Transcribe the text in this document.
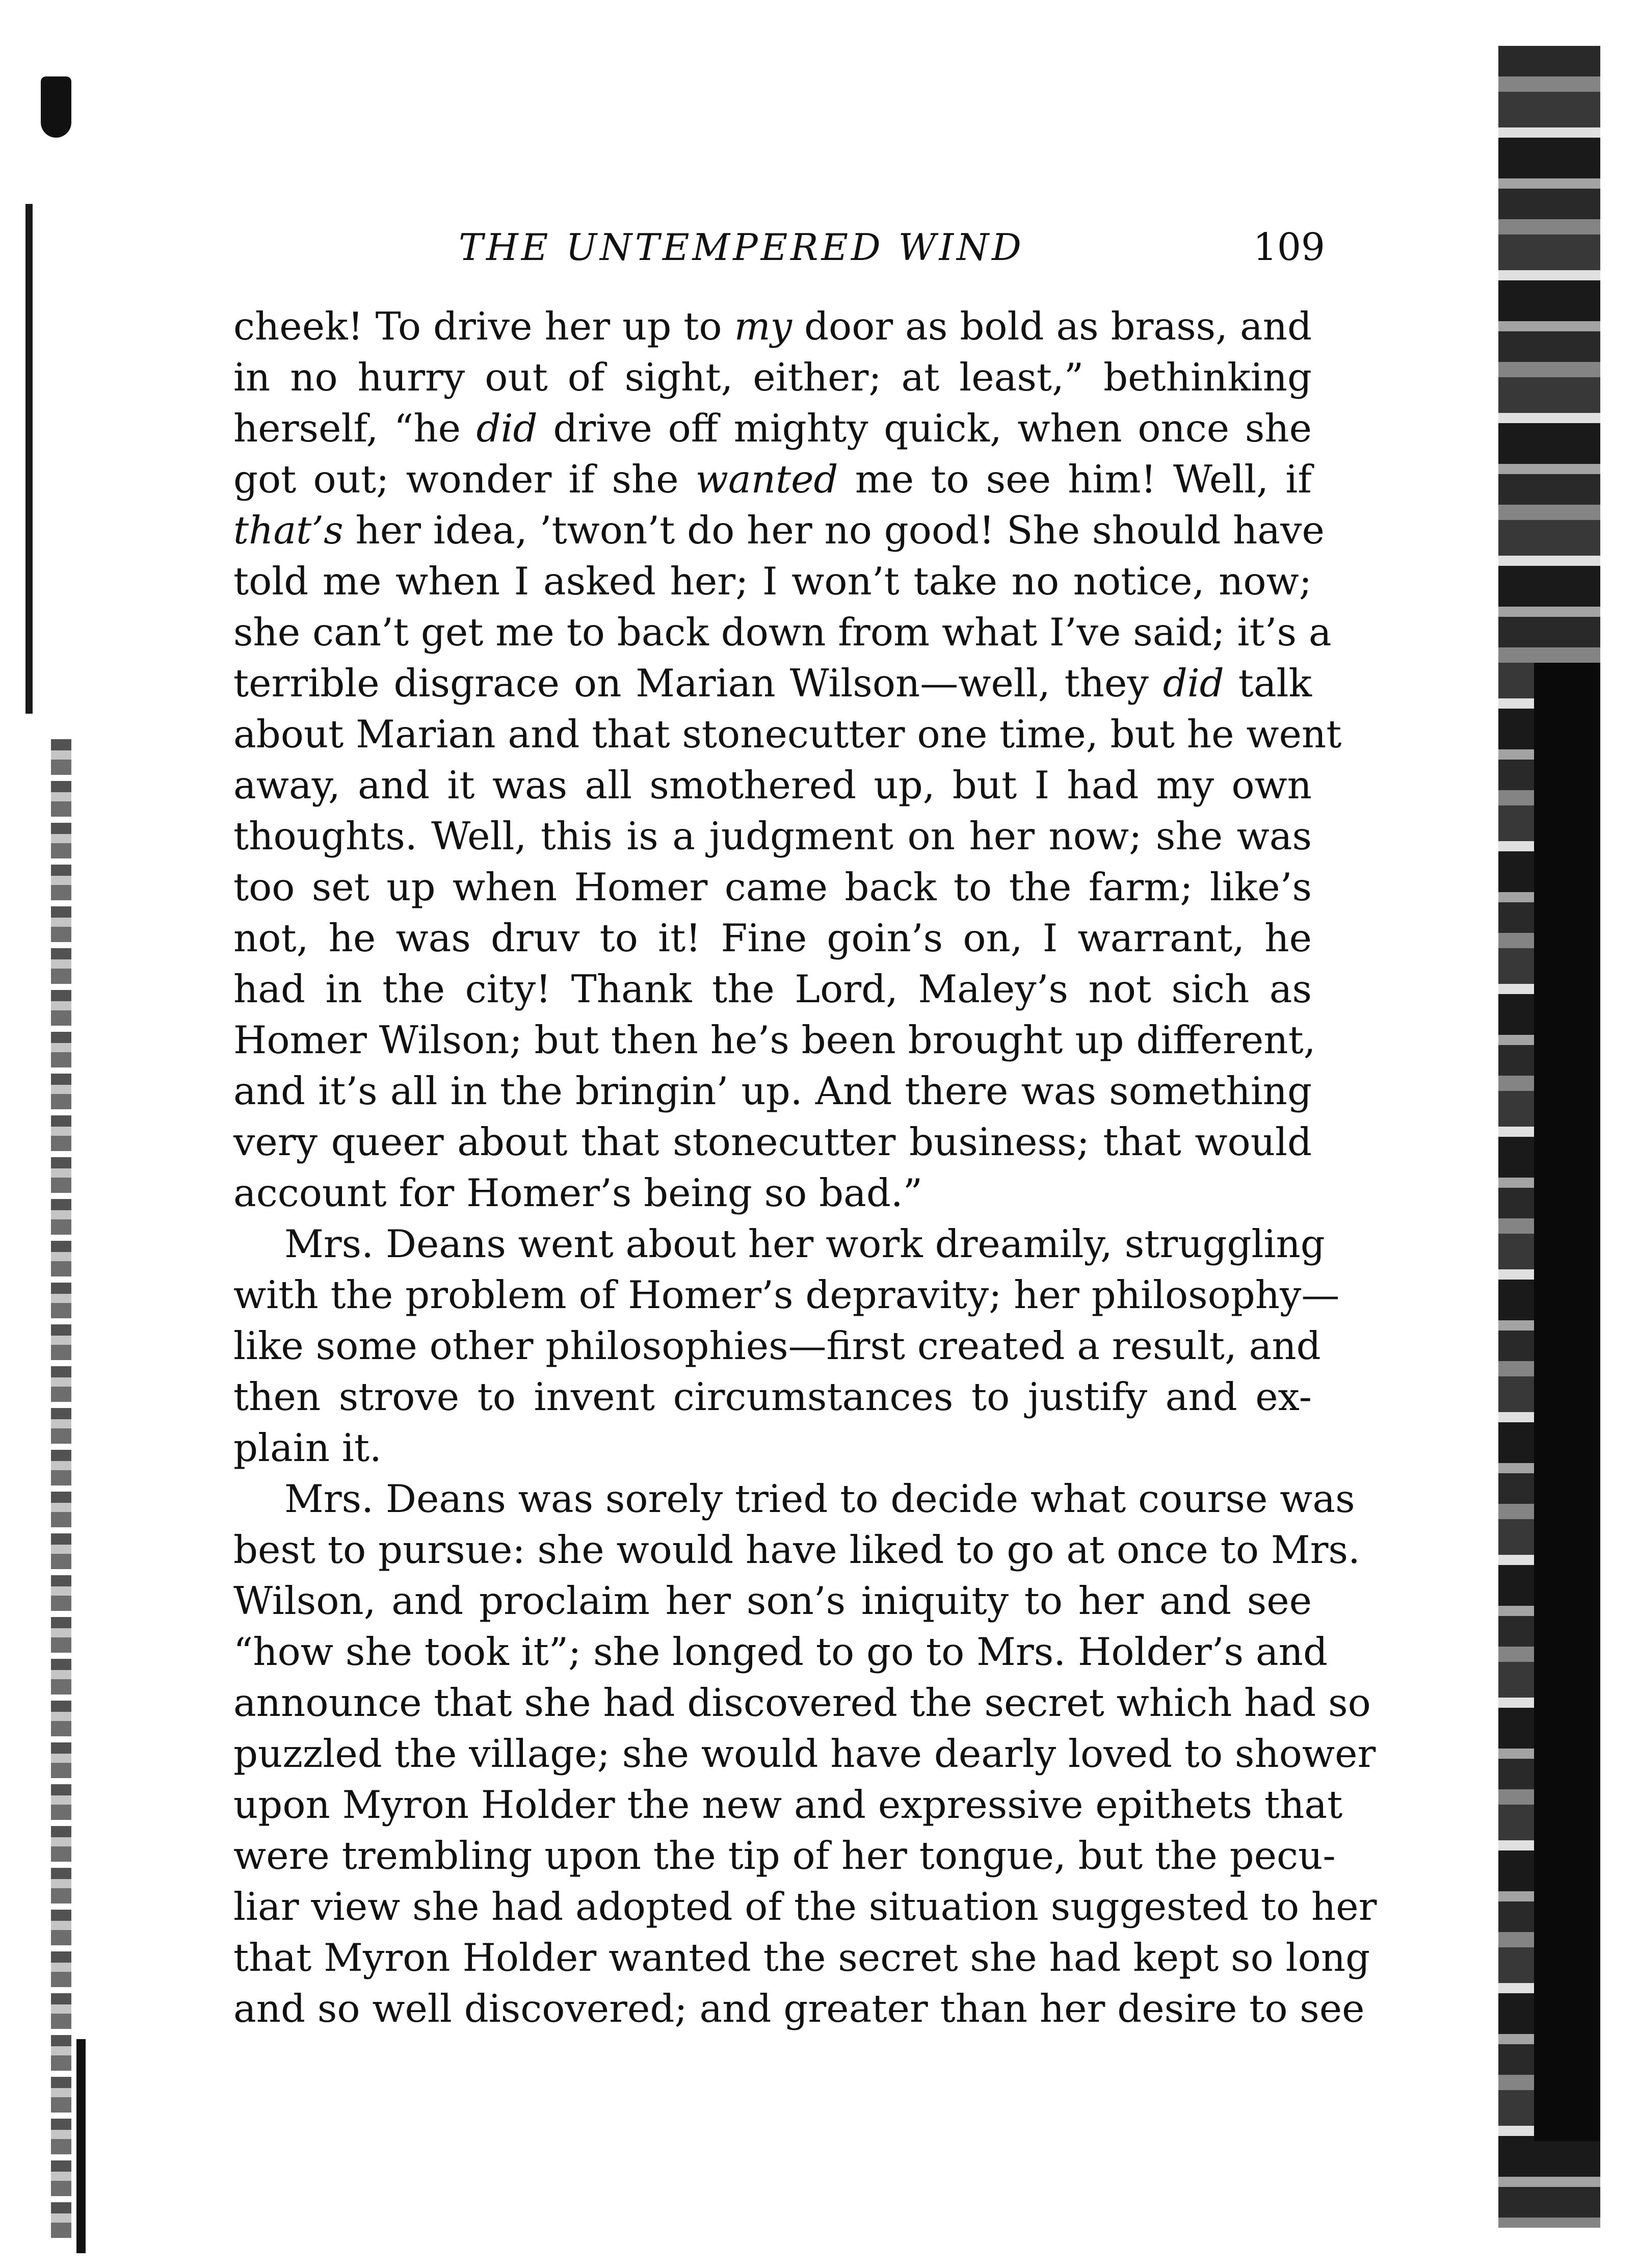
THE UNTEMPERED WIND	109
cheek! To drive her up to my door as bold as brass, and
in no hurry out of sight, either; at least,” bethinking
herself, “he did drive off mighty quick, when once she
got out; wonder if she wanted me to see him! Well, if
that’s her idea, ’twon’t do her no good! She should have
told me when I asked her; I won’t take no notice, now;
she can’t get me to back down from what I’ve said; it’s a
terrible disgrace on Marian Wilson—well, they did talk
about Marian and that stonecutter one time, but he went
away, and it was all smothered up, but I had my own
thoughts. Well, this is a judgment on her now; she was
too set up when Homer came back to the farm; like’s
not, he was druv to it! Fine goin’s on, I warrant, he
had in the city! Thank the Lord, Maley’s not sich as
Homer Wilson; but then he’s been brought up different,
and it’s all in the bringin’ up. And there was something
very queer about that stonecutter business; that would
account for Homer’s being so bad.”
Mrs. Deans went about her work dreamily, struggling
with the problem of Homer’s depravity; her philosophy—
like some other philosophies—first created a result, and
then strove to invent circumstances to justify and ex-
plain it.
Mrs. Deans was sorely tried to decide what course was
best to pursue: she would have liked to go at once to Mrs.
Wilson, and proclaim her son’s iniquity to her and see
“how she took it”; she longed to go to Mrs. Holder’s and
announce that she had discovered the secret which had so
puzzled the village; she would have dearly loved to shower
upon Myron Holder the new and expressive epithets that
were trembling upon the tip of her tongue, but the pecu-
liar view she had adopted of the situation suggested to her
that Myron Holder wanted the secret she had kept so long
and so well discovered; and greater than her desire to see
